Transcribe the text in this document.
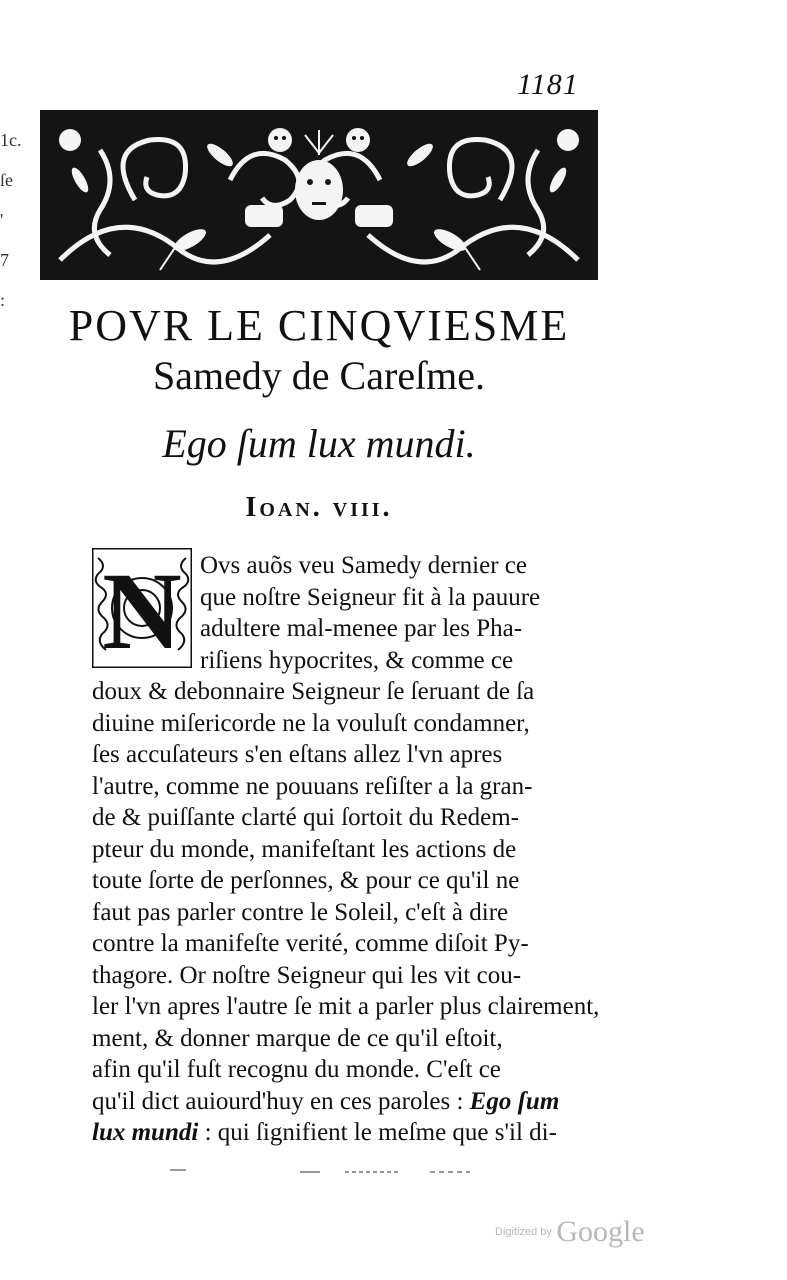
1181
1c.
ſe
'
7
:
POVR LE CINQVIESME
Samedy de Careſme.
Ego ſum lux mundi.
Ioan. viii.
N Ovs auõs veu Samedy dernier ce
que noſtre Seigneur fit à la pauure
adultere mal-menee par les Pha-
riſiens hypocrites, & comme ce
doux & debonnaire Seigneur ſe ſeruant de ſa
diuine miſericorde ne la vouluſt condamner,
ſes accuſateurs s'en eſtans allez l'vn apres
l'autre, comme ne pouuans reſiſter a la gran-
de & puiſſante clarté qui ſortoit du Redem-
pteur du monde, manifeſtant les actions de
toute ſorte de perſonnes, & pour ce qu'il ne
faut pas parler contre le Soleil, c'eſt à dire
contre la manifeſte verité, comme diſoit Py-
thagore. Or noſtre Seigneur qui les vit cou-
ler l'vn apres l'autre ſe mit a parler plus clairement,
ment, & donner marque de ce qu'il eſtoit,
afin qu'il fuſt recognu du monde. C'eſt ce
qu'il dict auiourd'huy en ces paroles : Ego ſum
lux mundi : qui ſignifient le meſme que s'il di-
Digitized by Google
